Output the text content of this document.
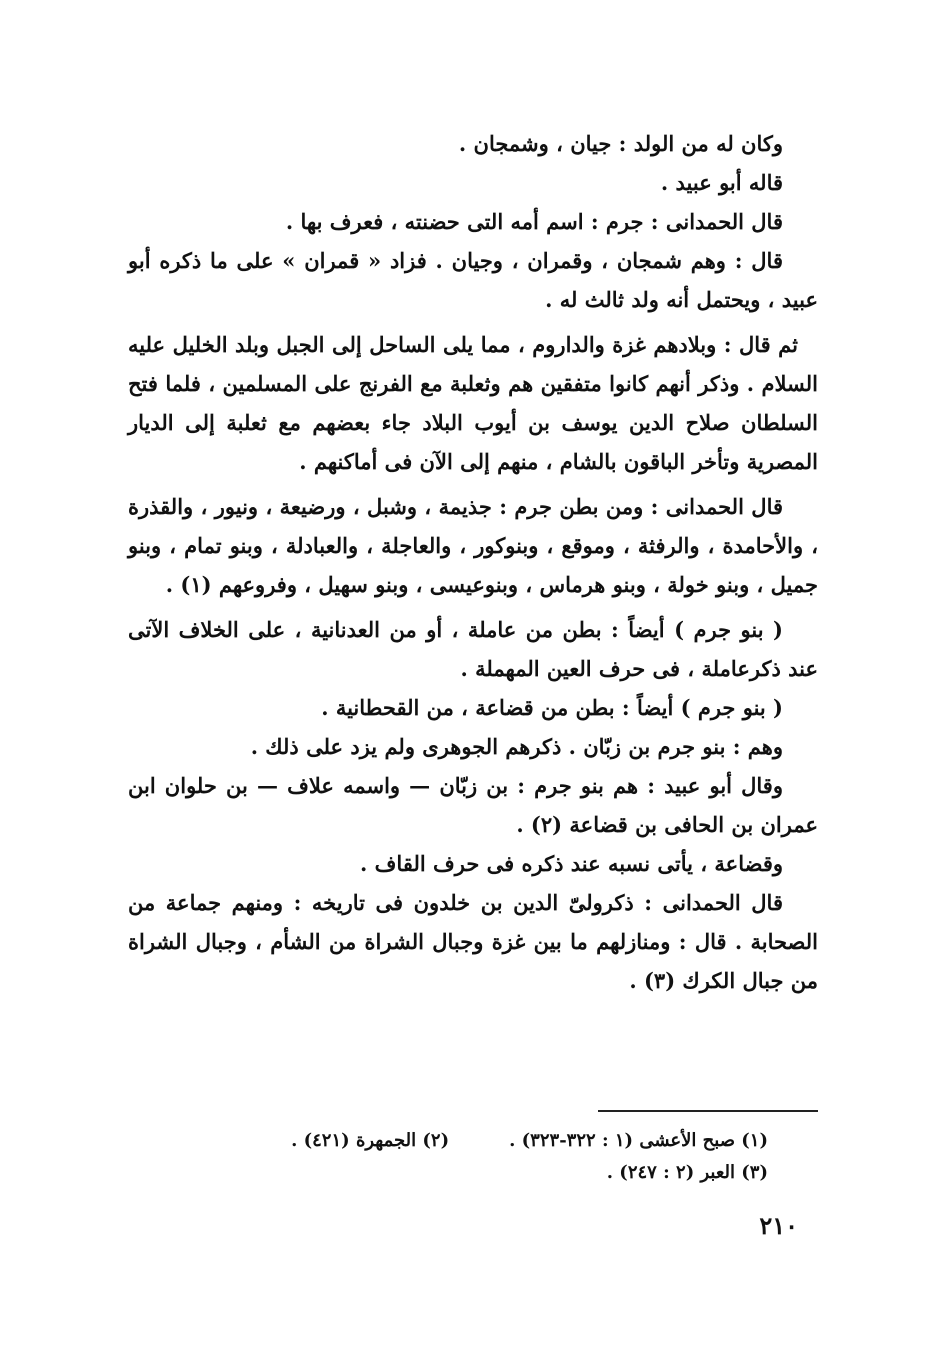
وكان له من الولد : جيان ، وشمجان .

قاله أبو عبيد .

قال الحمدانى : جرم : اسم أمه التى حضنته ، فعرف بها .

قال : وهم شمجان ، وقمران ، وجيان . فزاد « قمران » على ما ذكره أبو عبيد ، ويحتمل أنه ولد ثالث له .

ثم قال : وبلادهم غزة والداروم ، مما يلى الساحل إلى الجبل وبلد الخليل عليه السلام . وذكر أنهم كانوا متفقين هم وثعلبة مع الفرنج على المسلمين ، فلما فتح السلطان صلاح الدين يوسف بن أيوب البلاد جاء بعضهم مع ثعلبة إلى الديار المصرية وتأخر الباقون بالشام ، منهم إلى الآن فى أماكنهم .

قال الحمدانى : ومن بطن جرم : جذيمة ، وشبل ، ورضيعة ، ونيور ، والقذرة ، والأحامدة ، والرفثة ، وموقع ، وبنوكور ، والعاجلة ، والعبادلة ، وبنو تمام ، وبنو جميل ، وبنو خولة ، وبنو هرماس ، وبنوعيسى ، وبنو سهيل ، وفروعهم (١) .

( بنو جرم ) أيضاً : بطن من عاملة ، أو من العدنانية ، على الخلاف الآتى عند ذكرعاملة ، فى حرف العين المهملة .

( بنو جرم ) أيضاً : بطن من قضاعة ، من القحطانية .

وهم : بنو جرم بن زبّان . ذكرهم الجوهرى ولم يزد على ذلك .

وقال أبو عبيد : هم بنو جرم : بن زبّان — واسمه علاف — بن حلوان ابن عمران بن الحافى بن قضاعة (٢) .

وقضاعة ، يأتى نسبه عند ذكره فى حرف القاف .

قال الحمدانى : ذكرولىّ الدين بن خلدون فى تاريخه : ومنهم جماعة من الصحابة . قال : ومنازلهم ما بين غزة وجبال الشراة من الشأم ، وجبال الشراة من جبال الكرك (٣) .

(١) صبح الأعشى (١ : ٣٢٢-٣٢٣) .
(٢) الجمهرة (٤٢١) .
(٣) العبر (٢ : ٢٤٧) .
٢١٠
